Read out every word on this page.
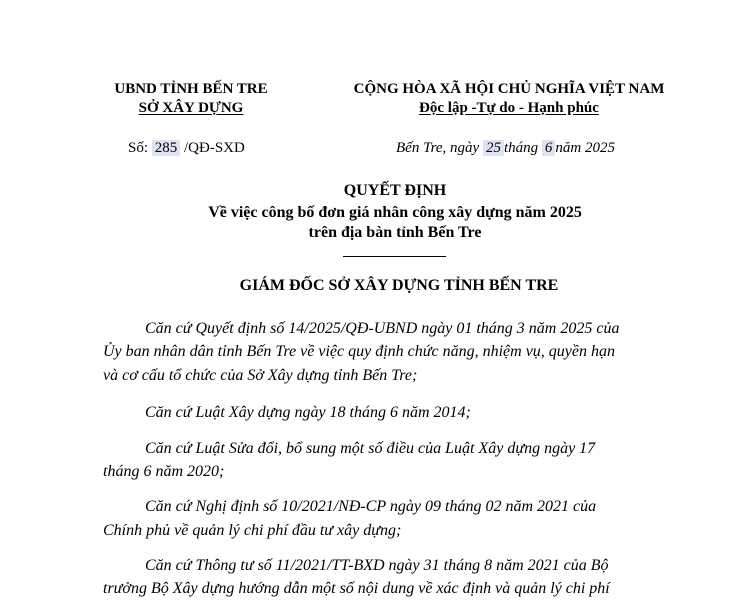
UBND TỈNH BẾN TRE
SỞ XÂY DỰNG
Số: 285 /QĐ-SXD
CỘNG HÒA XÃ HỘI CHỦ NGHĨA VIỆT NAM
Độc lập -Tự do - Hạnh phúc
Bến Tre, ngày 25 tháng 6 năm 2025
QUYẾT ĐỊNH
Về việc công bố đơn giá nhân công xây dựng năm 2025
trên địa bàn tỉnh Bến Tre
GIÁM ĐỐC SỞ XÂY DỰNG TỈNH BẾN TRE
Căn cứ Quyết định số 14/2025/QĐ-UBND ngày 01 tháng 3 năm 2025 của
Ủy ban nhân dân tỉnh Bến Tre về việc quy định chức năng, nhiệm vụ, quyền hạn
và cơ cấu tổ chức của Sở Xây dựng tỉnh Bến Tre;
Căn cứ Luật Xây dựng ngày 18 tháng 6 năm 2014;
Căn cứ Luật Sửa đổi, bổ sung một số điều của Luật Xây dựng ngày 17
tháng 6 năm 2020;
Căn cứ Nghị định số 10/2021/NĐ-CP ngày 09 tháng 02 năm 2021 của
Chính phủ về quản lý chi phí đầu tư xây dựng;
Căn cứ Thông tư số 11/2021/TT-BXD ngày 31 tháng 8 năm 2021 của Bộ
trưởng Bộ Xây dựng hướng dẫn một số nội dung về xác định và quản lý chi phí
